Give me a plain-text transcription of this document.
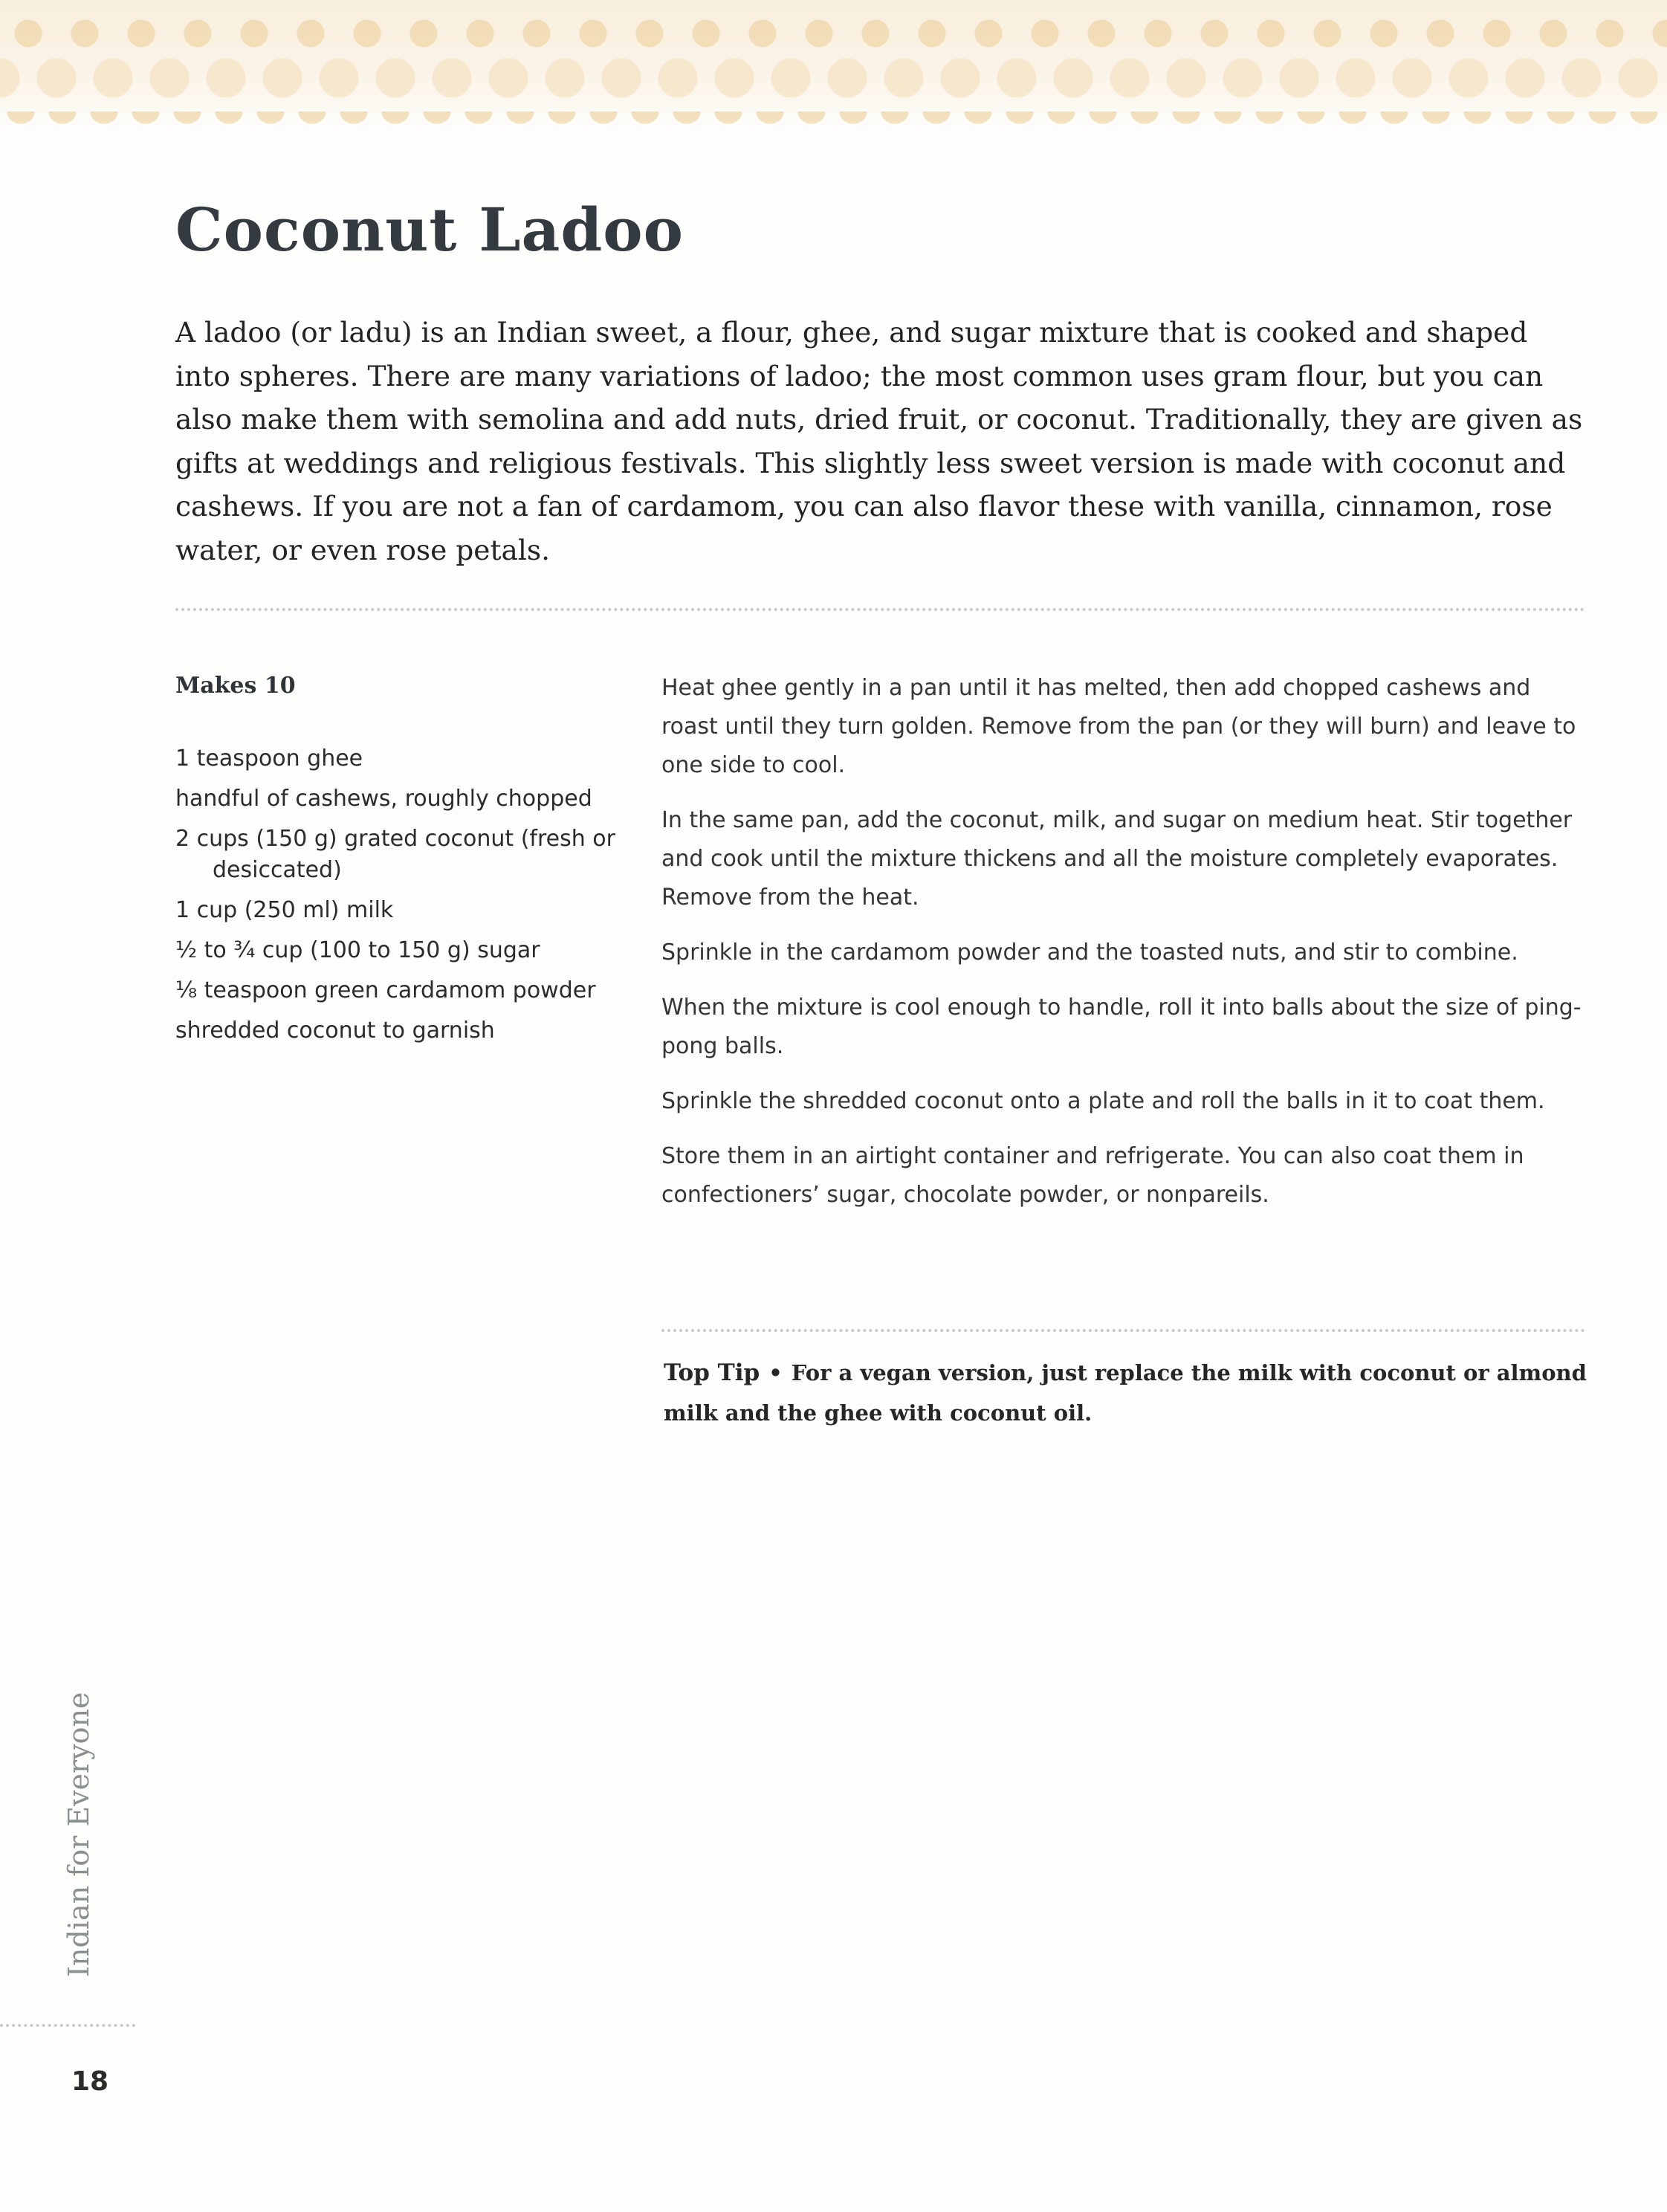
Coconut Ladoo

A ladoo (or ladu) is an Indian sweet, a flour, ghee, and sugar mixture that is cooked and shaped into spheres. There are many variations of ladoo; the most common uses gram flour, but you can also make them with semolina and add nuts, dried fruit, or coconut. Traditionally, they are given as gifts at weddings and religious festivals. This slightly less sweet version is made with coconut and cashews. If you are not a fan of cardamom, you can also flavor these with vanilla, cinnamon, rose water, or even rose petals.

Makes 10

1 teaspoon ghee
handful of cashews, roughly chopped
2 cups (150 g) grated coconut (fresh or desiccated)
1 cup (250 ml) milk
½ to ¾ cup (100 to 150 g) sugar
⅛ teaspoon green cardamom powder
shredded coconut to garnish

Heat ghee gently in a pan until it has melted, then add chopped cashews and roast until they turn golden. Remove from the pan (or they will burn) and leave to one side to cool.

In the same pan, add the coconut, milk, and sugar on medium heat. Stir together and cook until the mixture thickens and all the moisture completely evaporates. Remove from the heat.

Sprinkle in the cardamom powder and the toasted nuts, and stir to combine.

When the mixture is cool enough to handle, roll it into balls about the size of ping-pong balls.

Sprinkle the shredded coconut onto a plate and roll the balls in it to coat them.

Store them in an airtight container and refrigerate. You can also coat them in confectioners’ sugar, chocolate powder, or nonpareils.

Top Tip • For a vegan version, just replace the milk with coconut or almond milk and the ghee with coconut oil.

Indian for Everyone
18
